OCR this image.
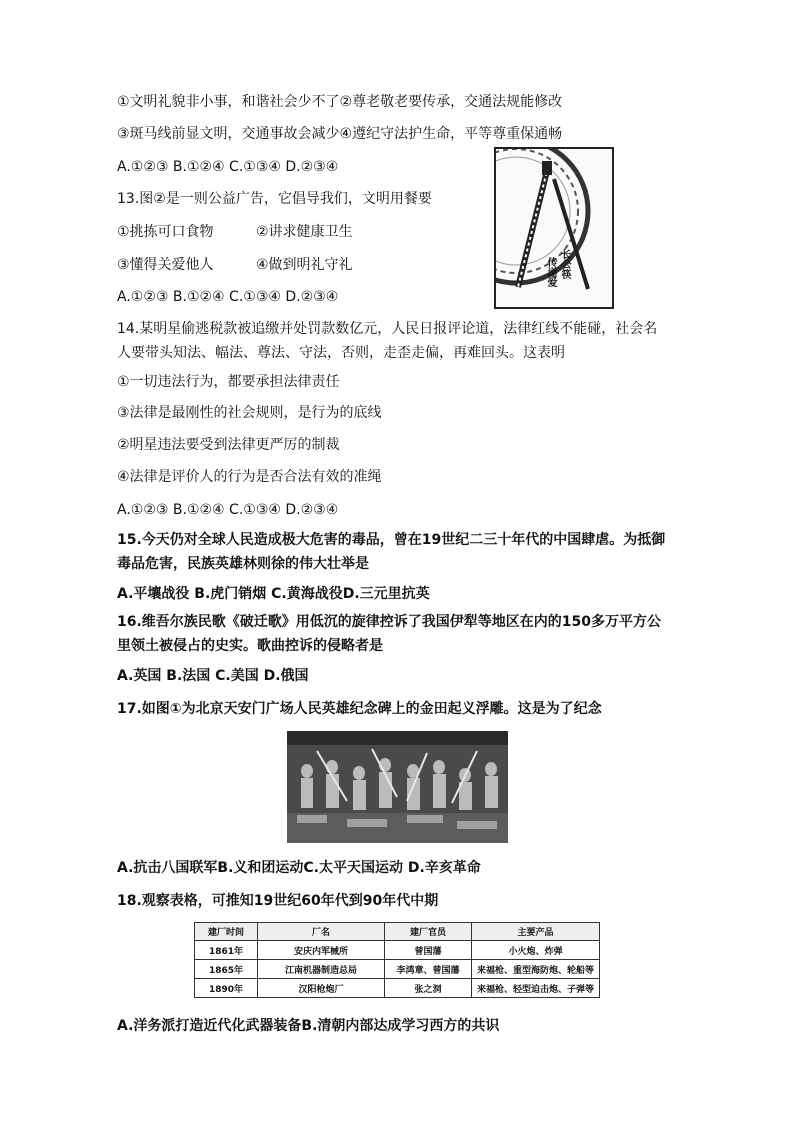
①文明礼貌非小事，和谐社会少不了②尊老敬老要传承，交通法规能修改
③斑马线前显文明，交通事故会减少④遵纪守法护生命，平等尊重保通畅
A.①②③ B.①②④ C.①③④ D.②③④
13.图②是一则公益广告，它倡导我们，文明用餐要
①挑拣可口食物	②讲求健康卫生
③懂得关爱他人	④做到明礼守礼
A.①②③ B.①②④ C.①③④ D.②③④
长公筷
传递爱
14.某明星偷逃税款被追缴并处罚款数亿元，人民日报评论道，法律红线不能碰，社会名
人要带头知法、幅法、尊法、守法，否则，走歪走偏，再难回头。这表明
①一切违法行为，都要承担法律责任
③法律是最刚性的社会规则，是行为的底线
②明星违法要受到法律更严厉的制裁
④法律是评价人的行为是否合法有效的准绳
A.①②③ B.①②④ C.①③④ D.②③④
15.今天仍对全球人民造成极大危害的毒品，曾在19世纪二三十年代的中国肆虐。为抵御
毒品危害，民族英雄林则徐的伟大壮举是
A.平壤战役 B.虎门销烟 C.黄海战役D.三元里抗英
16.维吾尔族民歌《破迁歌》用低沉的旋律控诉了我国伊犁等地区在内的150多万平方公
里领土被侵占的史实。歌曲控诉的侵略者是
A.英国 B.法国 C.美国 D.俄国
17.如图①为北京天安门广场人民英雄纪念碑上的金田起义浮雕。这是为了纪念
A.抗击八国联军B.义和团运动C.太平天国运动 D.辛亥革命
18.观察表格，可推知19世纪60年代到90年代中期
建厂时间	厂名	建厂官员	主要产品
1861年	安庆内军械所	曾国藩	小火炮、炸弹
1865年	江南机器制造总局	李鸿章、曾国藩	来福枪、重型海防炮、轮船等
1890年	汉阳枪炮厂	张之洞	来福枪、轻型迫击炮、子弹等
A.洋务派打造近代化武器装备B.清朝内部达成学习西方的共识
